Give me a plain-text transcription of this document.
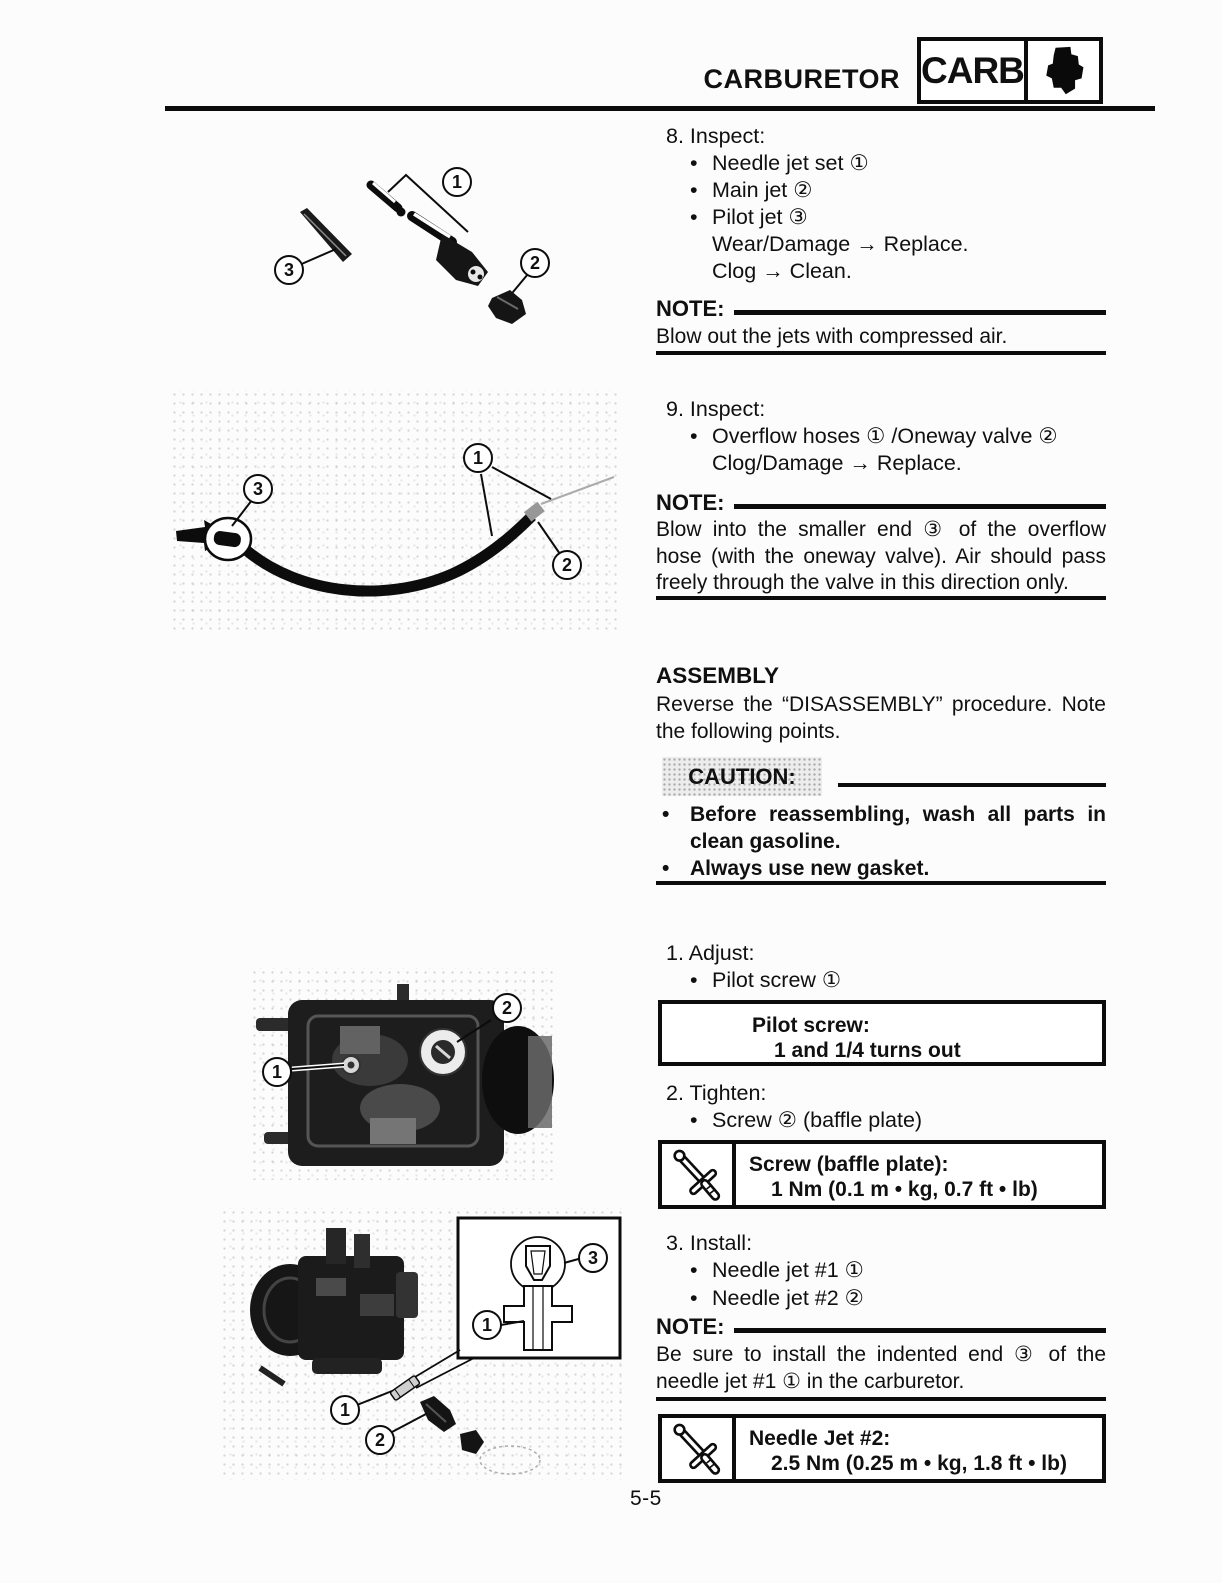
CARBURETOR CARB
8. Inspect:
• Needle jet set ①
• Main jet ②
• Pilot jet ③
Wear/Damage → Replace.
Clog → Clean.
NOTE:
Blow out the jets with compressed air.
9. Inspect:
• Overflow hoses ① /Oneway valve ②
Clog/Damage → Replace.
NOTE:
Blow into the smaller end ③ of the overflow hose (with the oneway valve). Air should pass freely through the valve in this direction only.
ASSEMBLY
Reverse the “DISASSEMBLY” procedure. Note the following points.
CAUTION:
• Before reassembling, wash all parts in clean gasoline.
• Always use new gasket.
1. Adjust:
• Pilot screw ①
Pilot screw:
1 and 1/4 turns out
2. Tighten:
• Screw ② (baffle plate)
Screw (baffle plate):
1 Nm (0.1 m • kg, 0.7 ft • lb)
3. Install:
• Needle jet #1 ①
• Needle jet #2 ②
NOTE:
Be sure to install the indented end ③ of the needle jet #1 ① in the carburetor.
Needle Jet #2:
2.5 Nm (0.25 m • kg, 1.8 ft • lb)
1
2
3
1
2
3
1
2
3
1
1
2
5-5
